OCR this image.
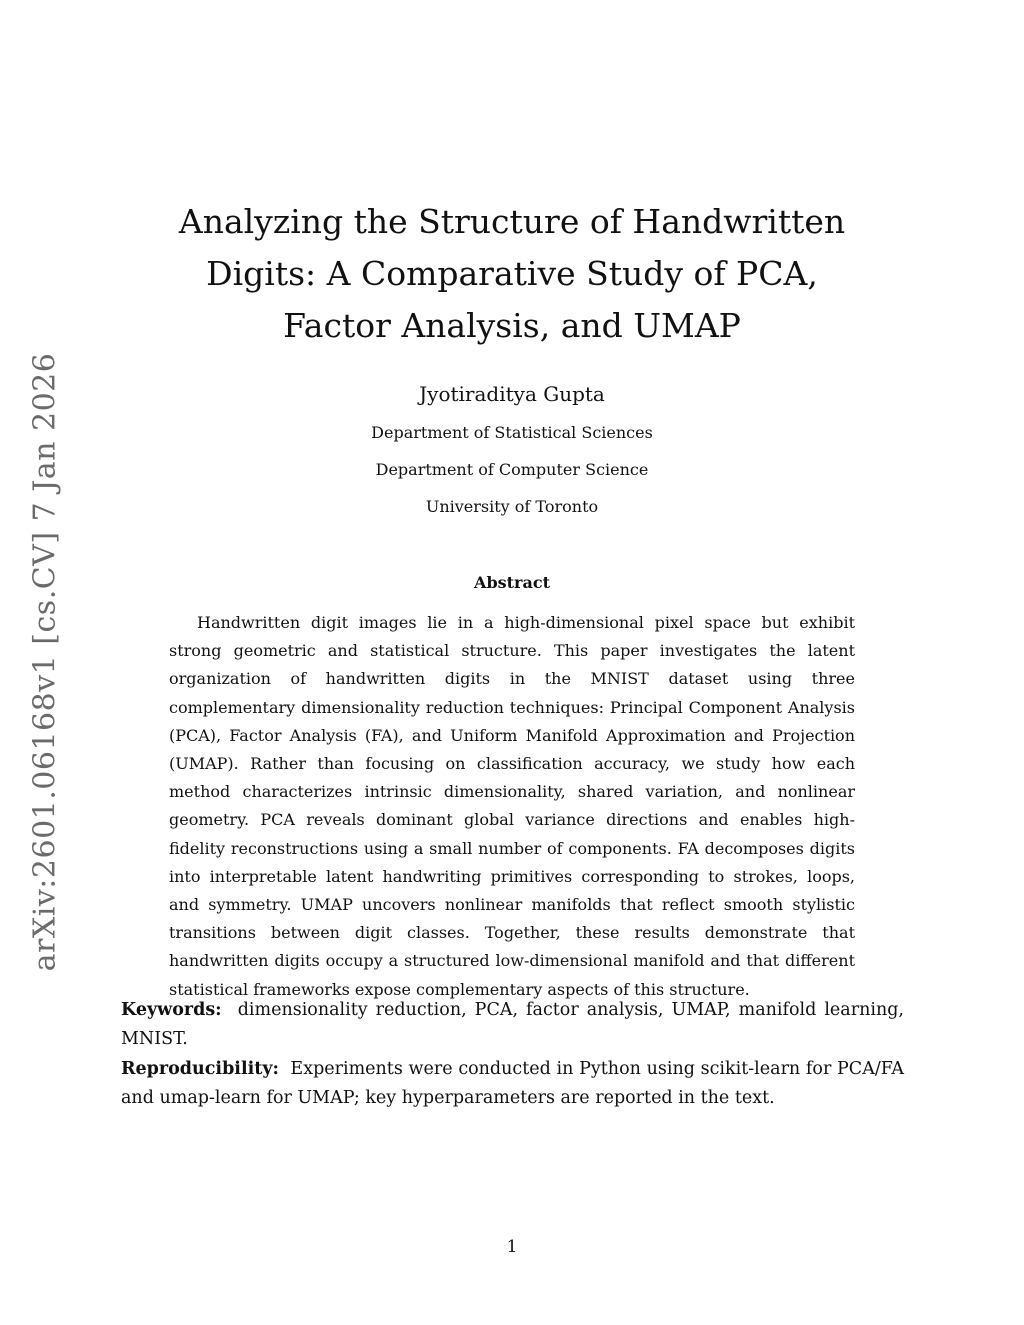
arXiv:2601.06168v1 [cs.CV] 7 Jan 2026
Analyzing the Structure of Handwritten Digits: A Comparative Study of PCA, Factor Analysis, and UMAP
Jyotiraditya Gupta
Department of Statistical Sciences
Department of Computer Science
University of Toronto
Abstract

Handwritten digit images lie in a high-dimensional pixel space but exhibit strong geometric and statistical structure. This paper investigates the latent organization of handwritten digits in the MNIST dataset using three complementary dimensionality reduction techniques: Principal Component Analysis (PCA), Factor Analysis (FA), and Uniform Manifold Approximation and Projection (UMAP). Rather than focusing on classification accuracy, we study how each method characterizes intrinsic dimensionality, shared variation, and nonlinear geometry. PCA reveals dominant global variance directions and enables high-fidelity reconstructions using a small number of components. FA decomposes digits into interpretable latent handwriting primitives corresponding to strokes, loops, and symmetry. UMAP uncovers nonlinear manifolds that reflect smooth stylistic transitions between digit classes. Together, these results demonstrate that handwritten digits occupy a structured low-dimensional manifold and that different statistical frameworks expose complementary aspects of this structure.

Keywords: dimensionality reduction, PCA, factor analysis, UMAP, manifold learning, MNIST.

Reproducibility: Experiments were conducted in Python using scikit-learn for PCA/FA and umap-learn for UMAP; key hyperparameters are reported in the text.

1
